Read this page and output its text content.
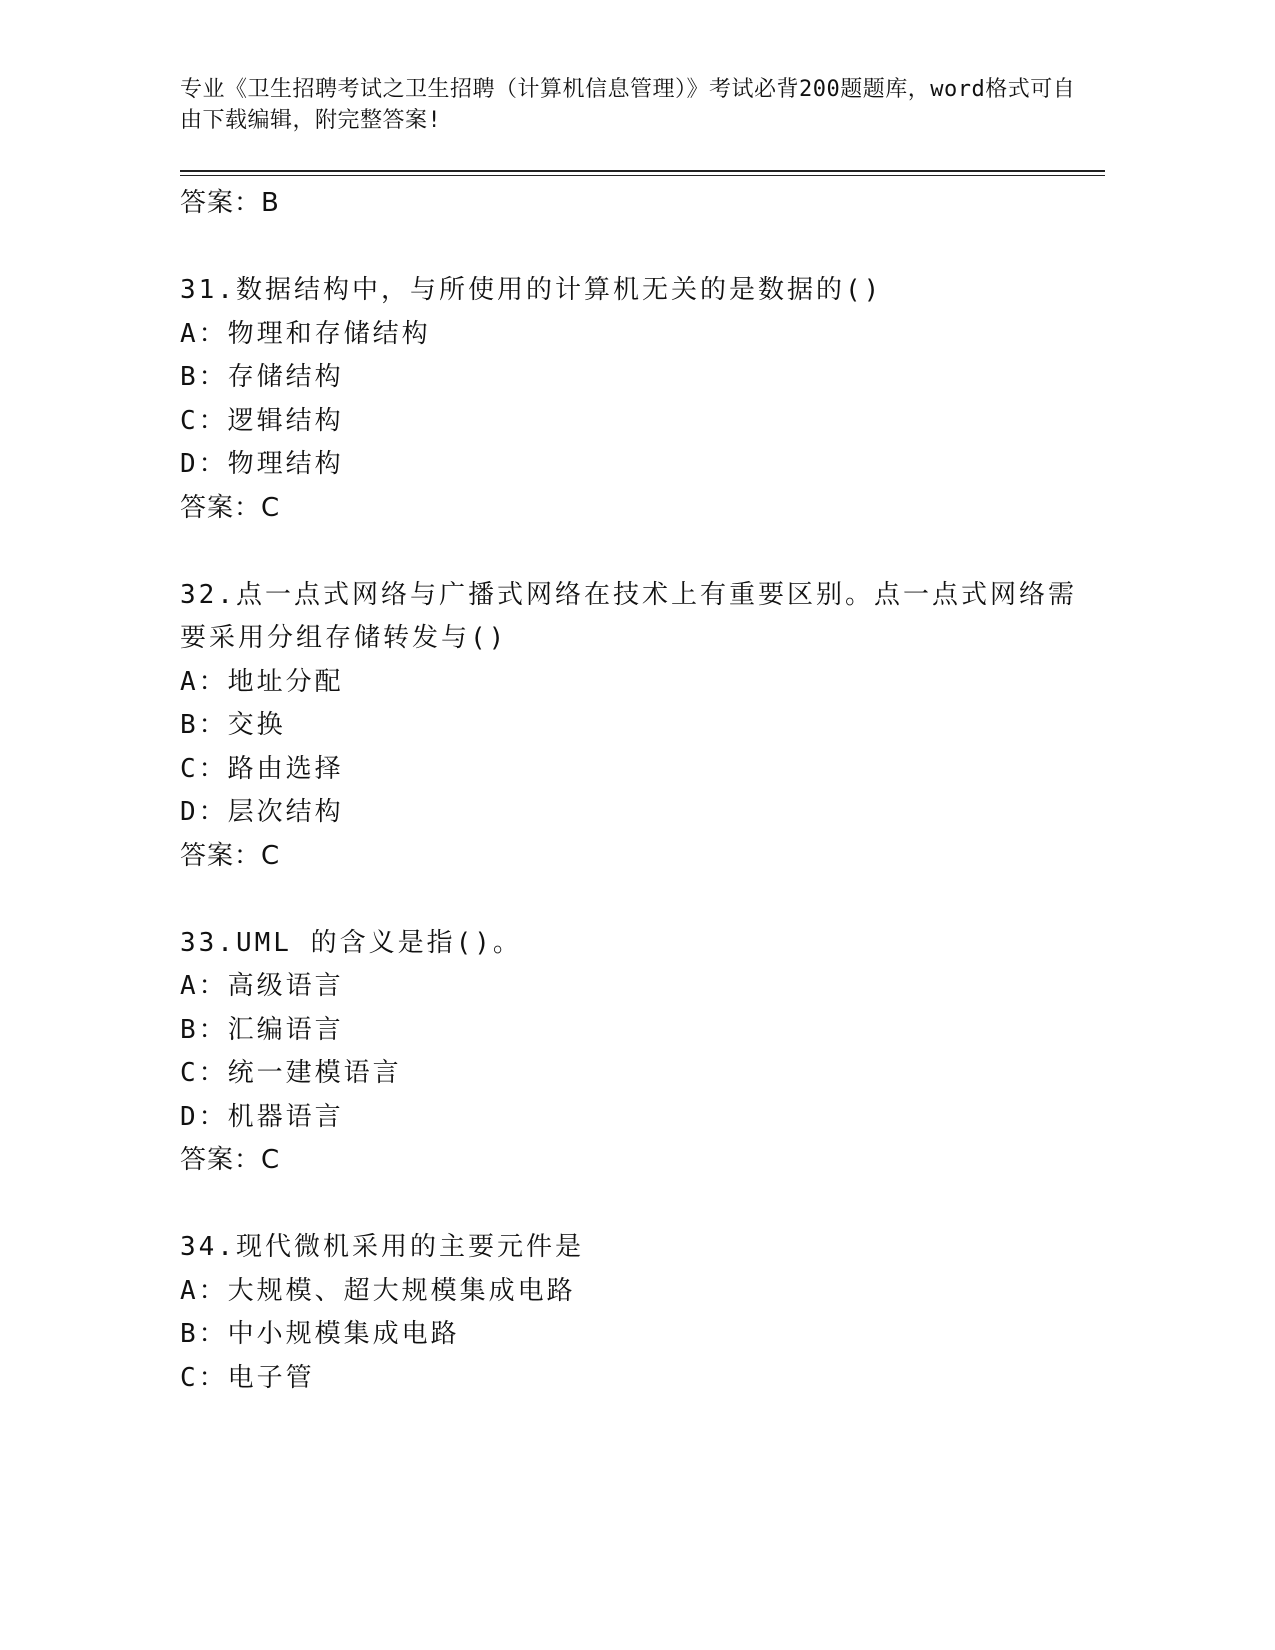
专业《卫生招聘考试之卫生招聘（计算机信息管理）》考试必背200题题库，word格式可自由下载编辑，附完整答案!
答案：B
31.数据结构中，与所使用的计算机无关的是数据的()
A：物理和存储结构
B：存储结构
C：逻辑结构
D：物理结构
答案：C
32.点一点式网络与广播式网络在技术上有重要区别。点一点式网络需
要采用分组存储转发与()
A：地址分配
B：交换
C：路由选择
D：层次结构
答案：C
33.UML 的含义是指()。
A：高级语言
B：汇编语言
C：统一建模语言
D：机器语言
答案：C
34.现代微机采用的主要元件是
A：大规模、超大规模集成电路
B：中小规模集成电路
C：电子管
